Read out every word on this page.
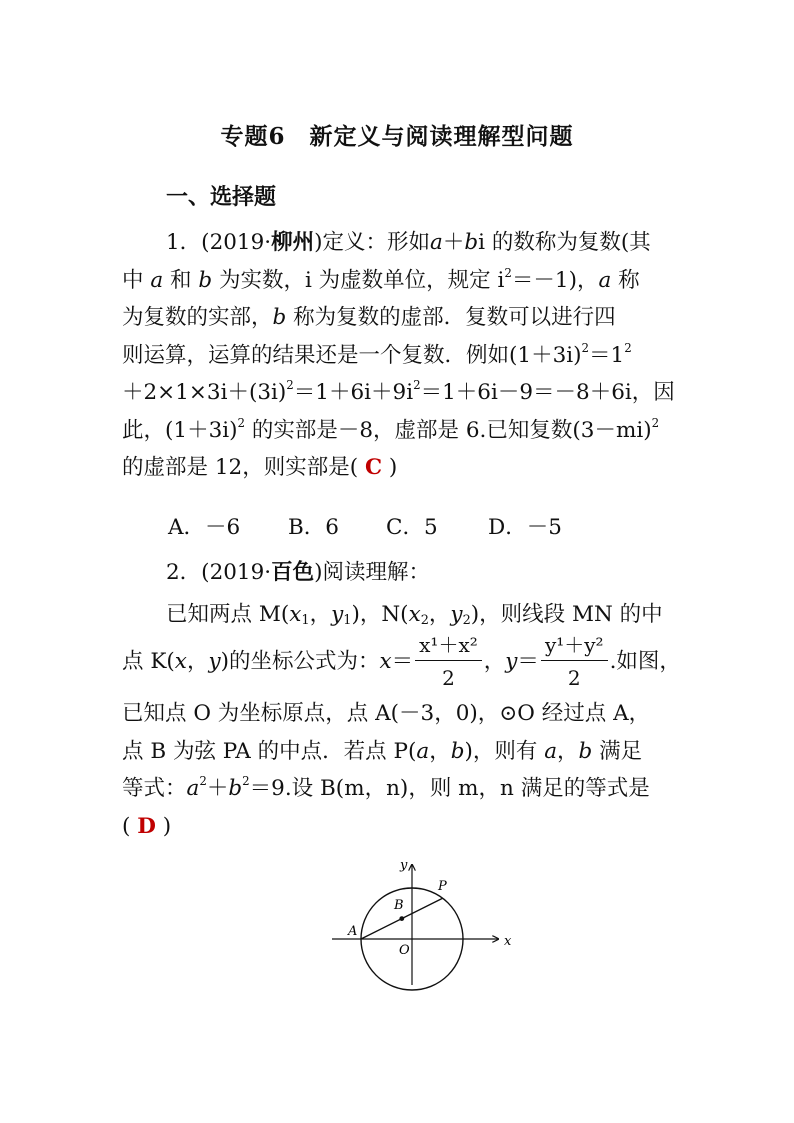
专题6　新定义与阅读理解型问题
一、选择题
1．(2019·柳州)定义：形如a＋bi 的数称为复数(其
中 a 和 b 为实数，i 为虚数单位，规定 $i^2=-1$)，a 称
为复数的实部，b 称为复数的虚部．复数可以进行四
则运算，运算的结果还是一个复数．例如$(1+3i)^2=1^2$
$+2\times 1\times 3i+(3i)^2=1+6i+9i^2=1+6i-9=-8+6i$，因
此，$(1+3i)^2$ 的实部是－8，虚部是 6.已知复数$(3-mi)^2$
的虚部是 12，则实部是( C )
A．－6 B．6 C．5 D．－5
2．(2019·百色)阅读理解：
已知两点 $M(x_1$，$y_1$)，$N(x_2$，$y_2$)，则线段 MN 的中
点 K(x，y)的坐标公式为：$x= \frac{\text{x¹＋x²}}{2}$ ，$y= \frac{\text{y¹＋y²}}{2}$ .如图，
已知点 O 为坐标原点，点 A(－3，0)，⊙O 经过点 A，
点 B 为弦 PA 的中点．若点 P(a，b)，则有 a，b 满足
等式：$a^2+b^2=9$.设 B(m，n)，则 m，n 满足的等式是
( D )
x
y
P
B
A
O
